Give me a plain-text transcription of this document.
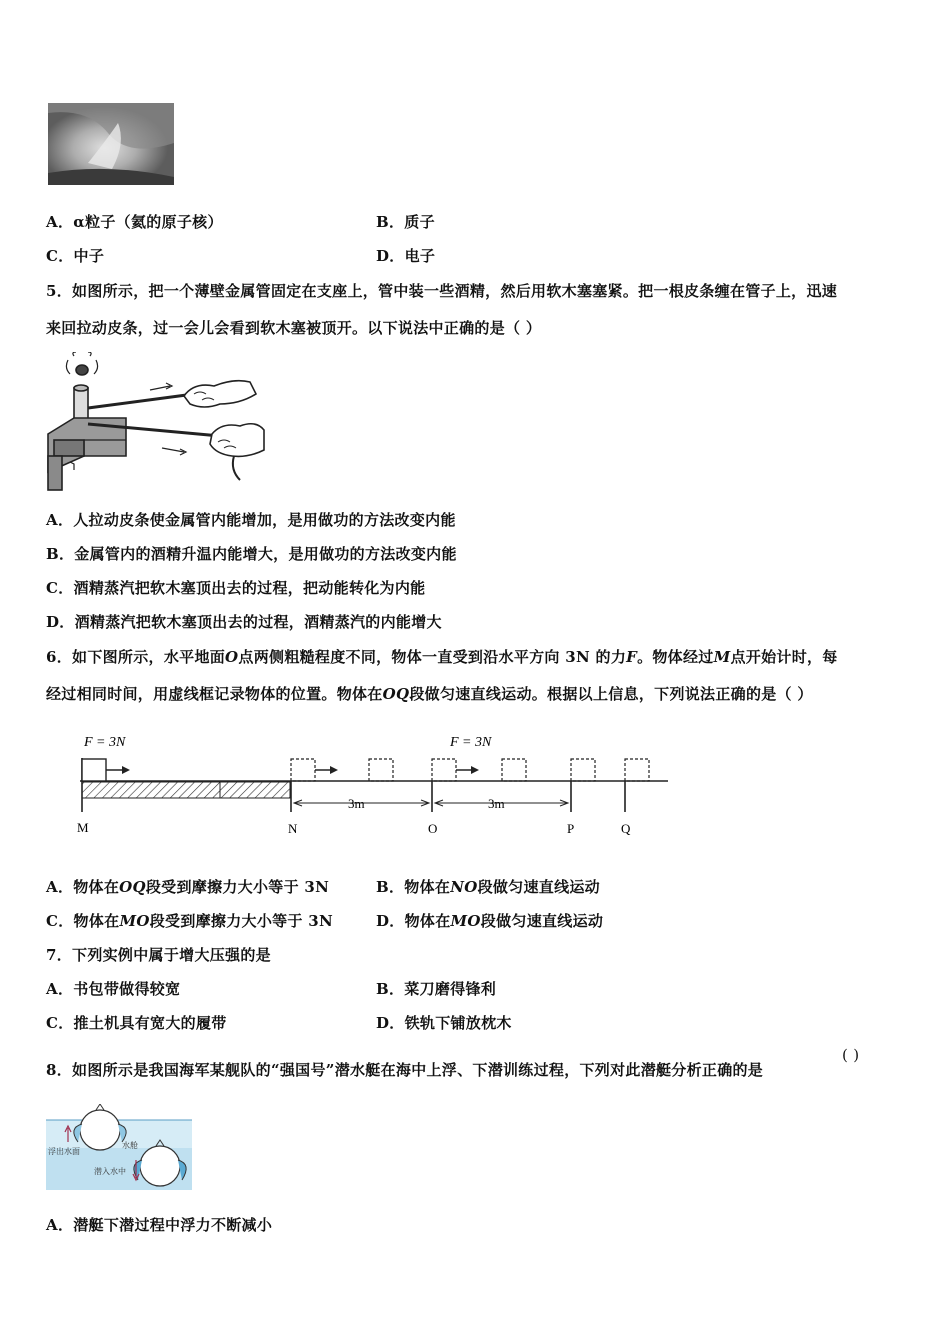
A．α粒子（氦的原子核）	B．质子
C．中子	D．电子
5．如图所示，把一个薄壁金属管固定在支座上，管中装一些酒精，然后用软木塞塞紧。把一根皮条缠在管子上，迅速
来回拉动皮条，过一会儿会看到软木塞被顶开。以下说法中正确的是（ ）
A．人拉动皮条使金属管内能增加，是用做功的方法改变内能
B．金属管内的酒精升温内能增大，是用做功的方法改变内能
C．酒精蒸汽把软木塞顶出去的过程，把动能转化为内能
D．酒精蒸汽把软木塞顶出去的过程，酒精蒸汽的内能增大
6．如下图所示，水平地面O点两侧粗糙程度不同，物体一直受到沿水平方向 3N 的力F。物体经过M点开始计时，每
经过相同时间，用虚线框记录物体的位置。物体在OQ段做匀速直线运动。根据以上信息，下列说法正确的是（ ）
F = 3N	F = 3N
3m	3m
M	N	O	P	Q
A．物体在OQ段受到摩擦力大小等于 3N	B．物体在NO段做匀速直线运动
C．物体在MO段受到摩擦力大小等于 3N	D．物体在MO段做匀速直线运动
7．下列实例中属于增大压强的是
A．书包带做得较宽	B．菜刀磨得锋利
C．推土机具有宽大的履带	D．铁轨下铺放枕木
8．如图所示是我国海军某舰队的“强国号”潜水艇在海中上浮、下潜训练过程，下列对此潜艇分析正确的是
( )
浮出水面
水舱
潜入水中
A．潜艇下潜过程中浮力不断减小
